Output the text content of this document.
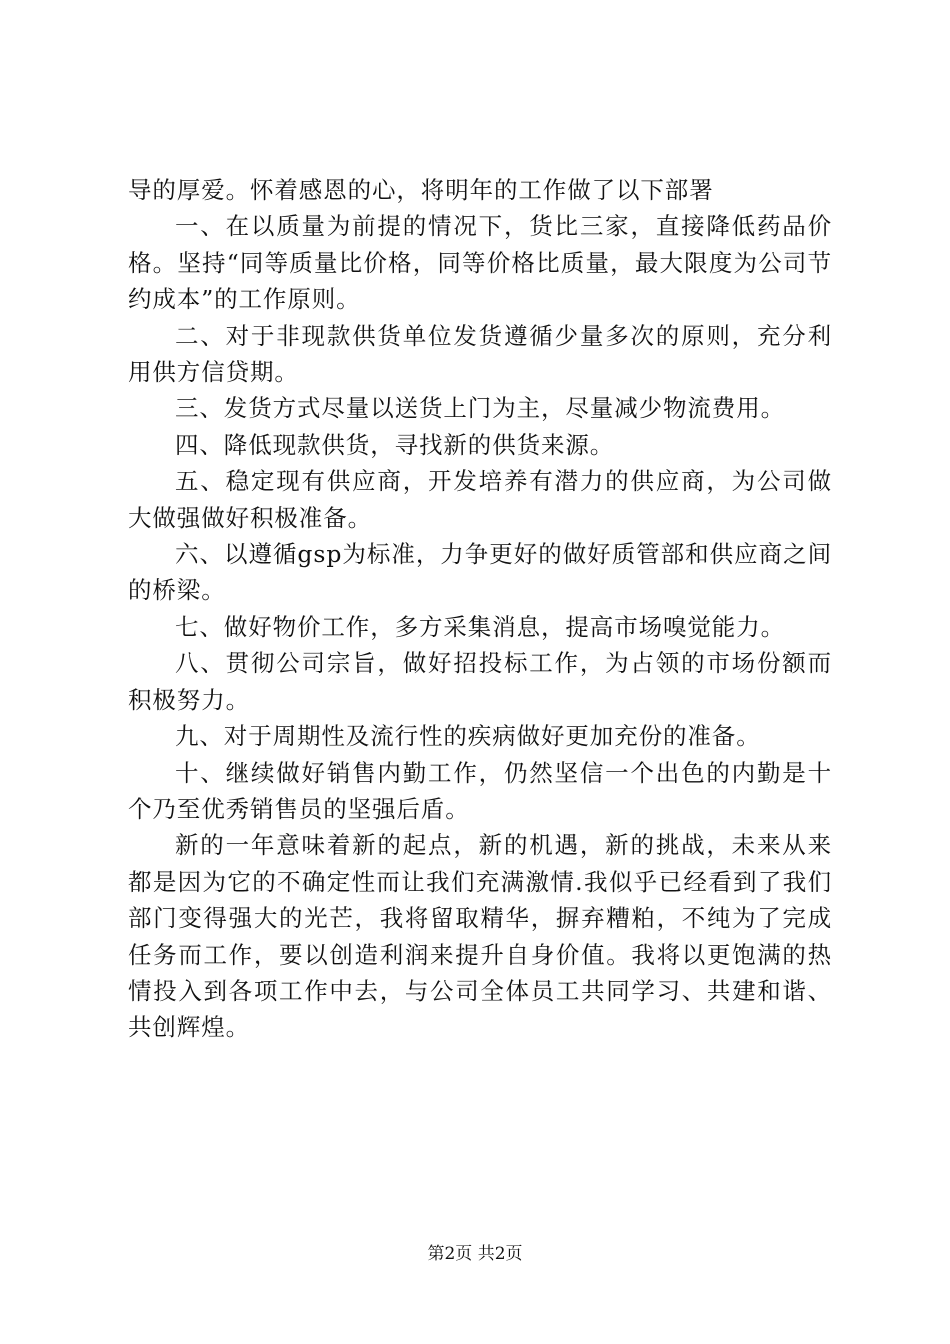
导的厚爱。怀着感恩的心，将明年的工作做了以下部署

一、在以质量为前提的情况下，货比三家，直接降低药品价格。坚持“同等质量比价格，同等价格比质量，最大限度为公司节约成本”的工作原则。

二、对于非现款供货单位发货遵循少量多次的原则，充分利用供方信贷期。

三、发货方式尽量以送货上门为主，尽量减少物流费用。

四、降低现款供货，寻找新的供货来源。

五、稳定现有供应商，开发培养有潜力的供应商，为公司做大做强做好积极准备。

六、以遵循gsp为标准，力争更好的做好质管部和供应商之间的桥梁。

七、做好物价工作，多方采集消息，提高市场嗅觉能力。

八、贯彻公司宗旨，做好招投标工作，为占领的市场份额而积极努力。

九、对于周期性及流行性的疾病做好更加充份的准备。

十、继续做好销售内勤工作，仍然坚信一个出色的内勤是十个乃至优秀销售员的坚强后盾。

新的一年意味着新的起点，新的机遇，新的挑战，未来从来都是因为它的不确定性而让我们充满激情.我似乎已经看到了我们部门变得强大的光芒，我将留取精华，摒弃糟粕，不纯为了完成任务而工作，要以创造利润来提升自身价值。我将以更饱满的热情投入到各项工作中去，与公司全体员工共同学习、共建和谐、共创辉煌。

第2页 共2页
